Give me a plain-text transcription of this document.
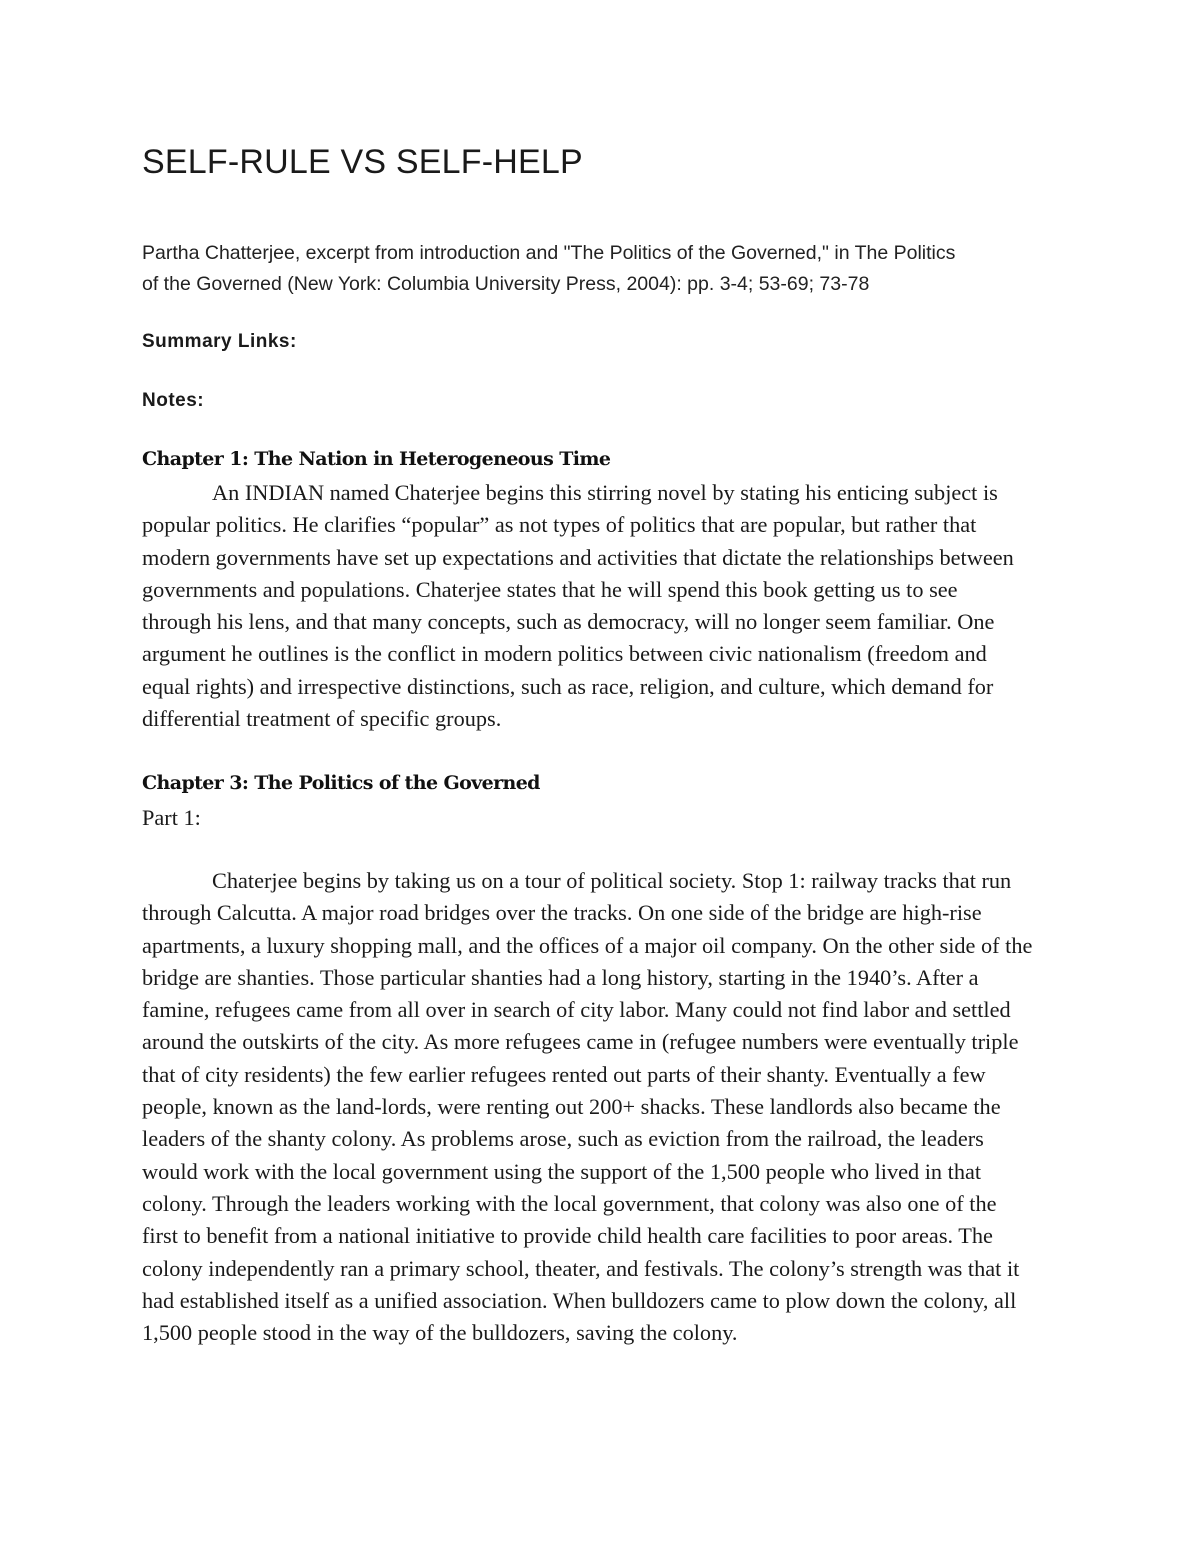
SELF-RULE VS SELF-HELP

Partha Chatterjee, excerpt from introduction and "The Politics of the Governed," in The Politics
of the Governed (New York: Columbia University Press, 2004): pp. 3-4; 53-69; 73-78

Summary Links:

Notes:

Chapter 1: The Nation in Heterogeneous Time
An INDIAN named Chaterjee begins this stirring novel by stating his enticing subject is
popular politics. He clarifies “popular” as not types of politics that are popular, but rather that
modern governments have set up expectations and activities that dictate the relationships between
governments and populations. Chaterjee states that he will spend this book getting us to see
through his lens, and that many concepts, such as democracy, will no longer seem familiar. One
argument he outlines is the conflict in modern politics between civic nationalism (freedom and
equal rights) and irrespective distinctions, such as race, religion, and culture, which demand for
differential treatment of specific groups.
Chapter 3: The Politics of the Governed
Part 1:
Chaterjee begins by taking us on a tour of political society. Stop 1: railway tracks that run
through Calcutta. A major road bridges over the tracks. On one side of the bridge are high-rise
apartments, a luxury shopping mall, and the offices of a major oil company. On the other side of the
bridge are shanties. Those particular shanties had a long history, starting in the 1940’s. After a
famine, refugees came from all over in search of city labor. Many could not find labor and settled
around the outskirts of the city. As more refugees came in (refugee numbers were eventually triple
that of city residents) the few earlier refugees rented out parts of their shanty. Eventually a few
people, known as the land-lords, were renting out 200+ shacks. These landlords also became the
leaders of the shanty colony. As problems arose, such as eviction from the railroad, the leaders
would work with the local government using the support of the 1,500 people who lived in that
colony. Through the leaders working with the local government, that colony was also one of the
first to benefit from a national initiative to provide child health care facilities to poor areas. The
colony independently ran a primary school, theater, and festivals. The colony’s strength was that it
had established itself as a unified association. When bulldozers came to plow down the colony, all
1,500 people stood in the way of the bulldozers, saving the colony.
